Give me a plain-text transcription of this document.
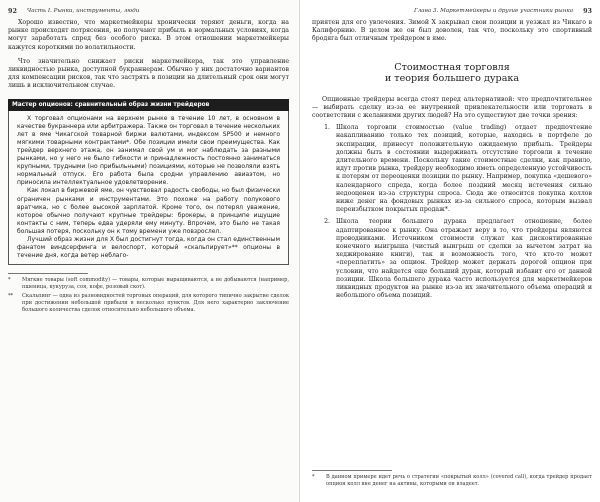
92 Часть I. Рынки, инструменты, люди

Хорошо известно, что маркетмейкеры хронически теряют деньги, когда на рынке происходят потрясения, но получают прибыль в нормальных условиях, когда могут заработать спред без особого риска. В этом отношении маркетмейкеры кажутся короткими по волатильности.

Что значительно снижает риски маркетмейкера, так это управление ликвидностью рынка, доступной букраннерам. Обычно у них достаточно вариантов для компенсации рисков, так что застрять в позиции на длительный срок они могут лишь в исключительном случае.

Мастер опционов: сравнительный образ жизни трейдеров

X торговал опционами на верхнем рынке в течение 10 лет, в основном в качестве букраннера или арбитражера. Также он торговал в течение нескольких лет в яме Чикагской товарной биржи валютами, индексом SP500 и немного мягкими товарными контрактами*. Обе позиции имели свои преимущества. Как трейдер верхнего этажа, он занимал свой ум и мог наблюдать за разными рынками, но у него не было гибкости и принадлежность постоянно заниматься крупными, трудными (но прибыльными) позициями, которые не позволяли взять нормальный отпуск. Его работа была сродни управлению авиаэтом, но приносила интеллектуальное удовлетворение.

Как локал в биржевой яме, он чувствовал радость свободы, но был физически ограничен рынками и инструментами. Это похоже на работу полукового вратчика, но с более высокой зарплатой. Кроме того, он потерял уважение, которое обычно получают крупные трейдеры: брокеры, в принципе ищущие контакты с ним, теперь едва удеряли ему минуту. Впрочем, это было не такая большая потеря, поскольку он к тому времени уже повзрослел.

Лучший образ жизни для X был достигнут тогда, когда он стал единственным фанатом виндсерфинга и велоспорт, который «скальпирует»** опционы в течение дня, когда ветер неблаго-

*	Мягкие товары (soft commodity) — товары, которые выращиваются, а не добываются (например, пшеница, кукуруза, соя, кофе, розовый скот).
**	Скальпинг — одна из разновидностей торговых операций, для которого типично закрытие сделок при достижении небольшой прибыли в несколько пунктов. Для него характерно заключение большого количества сделок относительно небольшого объема.
Глава 3. Маркетмейкеры и другие участники рынка 93

приятен для его увлечения. Зимой X закрывал свои позиции и уезжал из Чикаго в Калифорнию. В целом же он был доволен, так что, поскольку это спортивный бродяга был отличным трейдером в яме.

Стоимостная торговля
и теория большего дурака

Опционные трейдеры всегда стоят перед альтернативой: что предпочтительнее — выбирать сделку из-за ее внутренней привлекательности или торговать в соответствии с желаниями других людей? На это существуют две точки зрения:

1. Школа торговли стоимостью (value trading) отдает предпочтение накапливанию только тех позиций, которые, находясь в портфеле до экспирации, принесут положительную ожидаемую прибыль. Трейдеры должны быть в состоянии выдерживать отсутствие торговли в течение длительного времени. Поскольку такие стоимостные сделки, как правило, идут против рынка, трейдеру необходимо иметь определенную устойчивость к потерям от переоценки позиции по рынку. Например, покупка «дешевого» календарного спреда, когда более поздний месяц истечения сильно недооценен из-за структуры спроса. Сюда же относится покупка коллов ниже денег на фондовых рынках из-за сильного спроса, которым вызвал переизбытком покрытых продаж*.
2. Школа теории большего дурака предлагает отношение, более адаптированное к рынку. Она отражает веру в то, что трейдеры являются проводниками. Источником стоимости служат как дисконтированные конечного выигрыша (чистый выигрыш от сделки за вычетом затрат на хеджирование книги), так и возможность того, что кто-то может «переплатить» за опцион. Трейдер может держать дорогой опцион при условии, что найдется еще больший дурак, который избавит его от данной позиции. Школа большего дурака часто используется для маркетмейкеров ликвидных продуктов на рынке из-за их значительного объема операций и небольшого объема позиций.
*	В данном примере идет речь о стратегии «покрытый колл» (covered call), когда трейдер продает опцион колл вне денег на активы, которыми он владеет.
